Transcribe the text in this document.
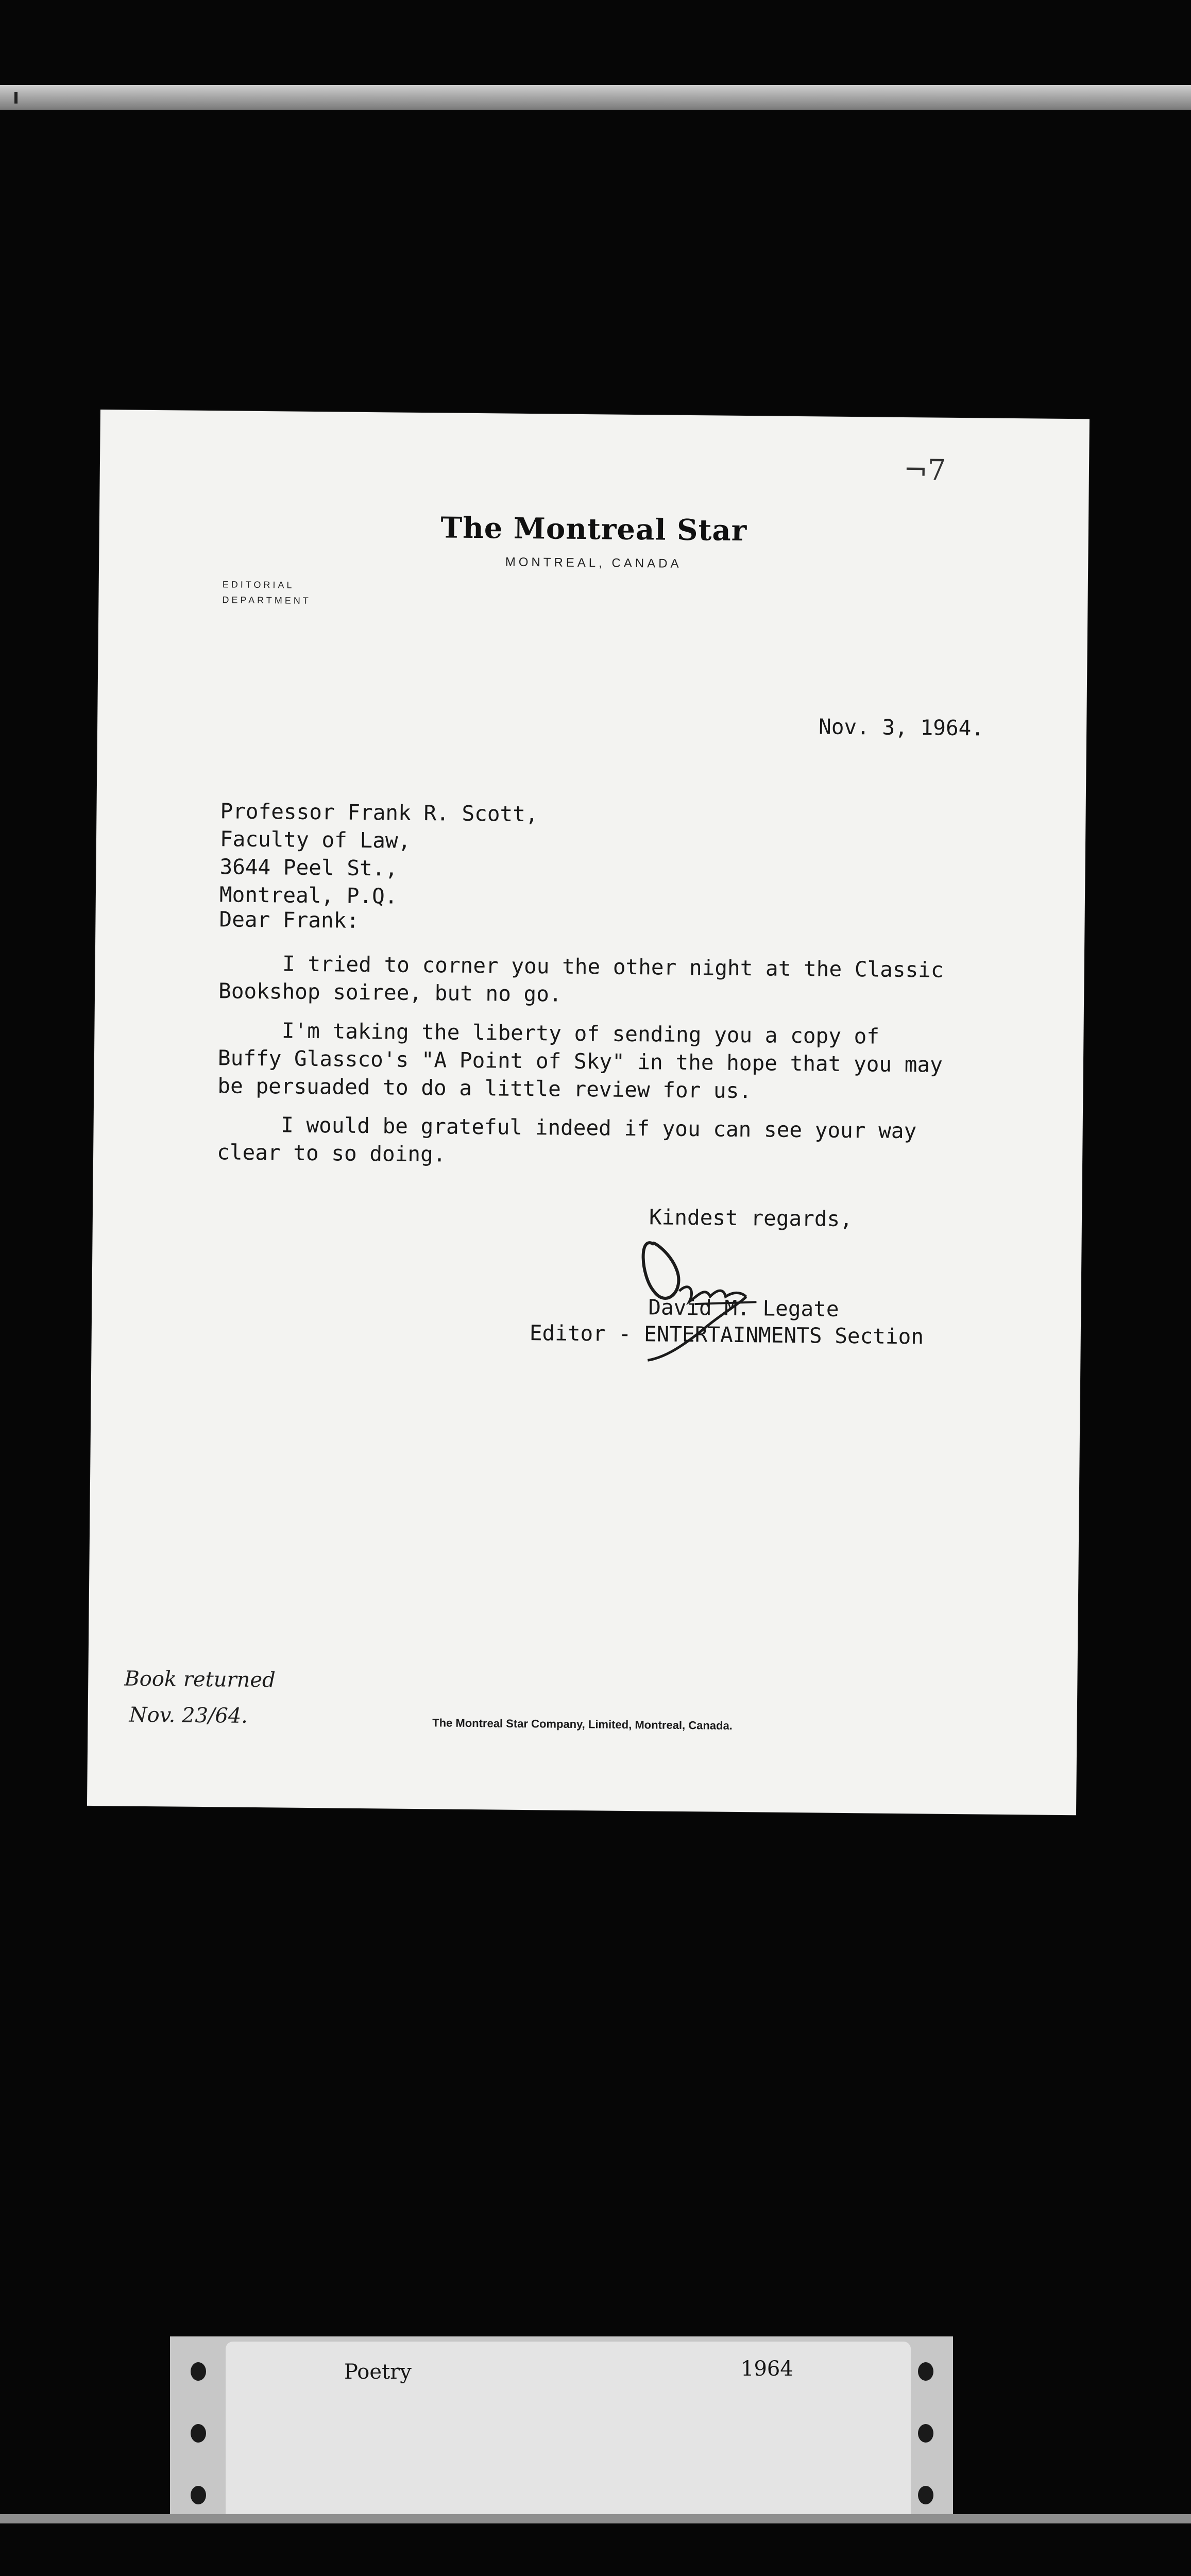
¬7
The Montreal Star
MONTREAL, CANADA
EDITORIAL
DEPARTMENT
Nov. 3, 1964.
Professor Frank R. Scott,
Faculty of Law,
3644 Peel St.,
Montreal, P.Q.
Dear Frank:
I tried to corner you the other night at the Classic
Bookshop soiree, but no go.
I'm taking the liberty of sending you a copy of
Buffy Glassco's "A Point of Sky" in the hope that you may
be persuaded to do a little review for us.
I would be grateful indeed if you can see your way
clear to so doing.
Kindest regards,
David M. Legate
Editor - ENTERTAINMENTS Section
Book returned
Nov. 23/64.	The Montreal Star Company, Limited, Montreal, Canada.
Poetry	1964
